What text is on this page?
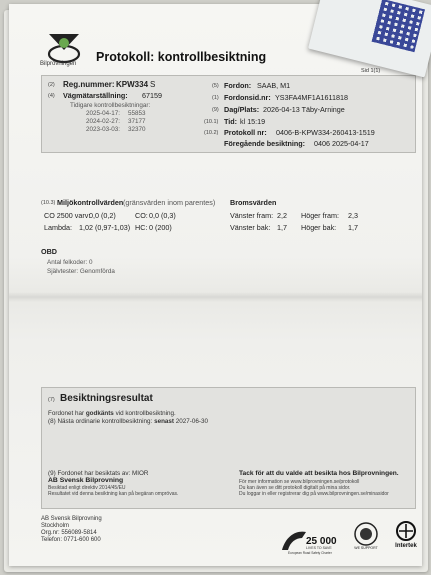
Bilprovningen Protokoll: kontrollbesiktning
Sid 1(1)
(2) Reg.nummer: KPW334 S
(4) Vägmätarställning: 67159
Tidigare kontrollbesiktningar:
2025-04-17: 55853
2024-02-27: 37177
2023-03-03: 32370
(5) Fordon: SAAB, M1
(1) Fordonsid.nr: YS3FA4MF1A1611818
(9) Dag/Plats: 2026-04-13 Täby-Arninge
(10.1) Tid: kl 15:19
(10.2) Protokoll nr: 0406-B-KPW334-260413-1519
Föregående besiktning: 0406 2025-04-17
(10.3) Miljökontrollvärden (gränsvärden inom parentes)
CO 2500 varv:
0,0 (0,2)	CO: 0,0 (0,3)
Lambda: 1,02 (0,97-1,03) HC: 0 (200)
Bromsvärden
Vänster fram: 2,2 Höger fram: 2,3
Vänster bak: 1,7 Höger bak: 1,7
OBD
Antal felkoder: 0
Självtester: Genomförda
(7) Besiktningsresultat
Fordonet har godkänts vid kontrollbesiktning.
(8) Nästa ordinarie kontrollbesiktning: senast 2027-06-30
(9) Fordonet har besiktats av: MIOR
AB Svensk Bilprovning
Besiktad enligt direktiv 2014/45/EU
Resultatet vid denna besiktning kan på begäran omprövas.
Tack för att du valde att besikta hos Bilprovningen.
För mer information se www.bilprovningen.se/protokoll
Du kan även se ditt protokoll digitalt på mina sidor.
Du loggar in eller registrerar dig på www.bilprovningen.se/minasidor
AB Svensk Bilprovning
Stockholm
Org.nr: 556089-5814
Telefon: 0771-600 600	25 000
LIVES TO SAVE
European Road Safety Charter
WE SUPPORT	Intertek
